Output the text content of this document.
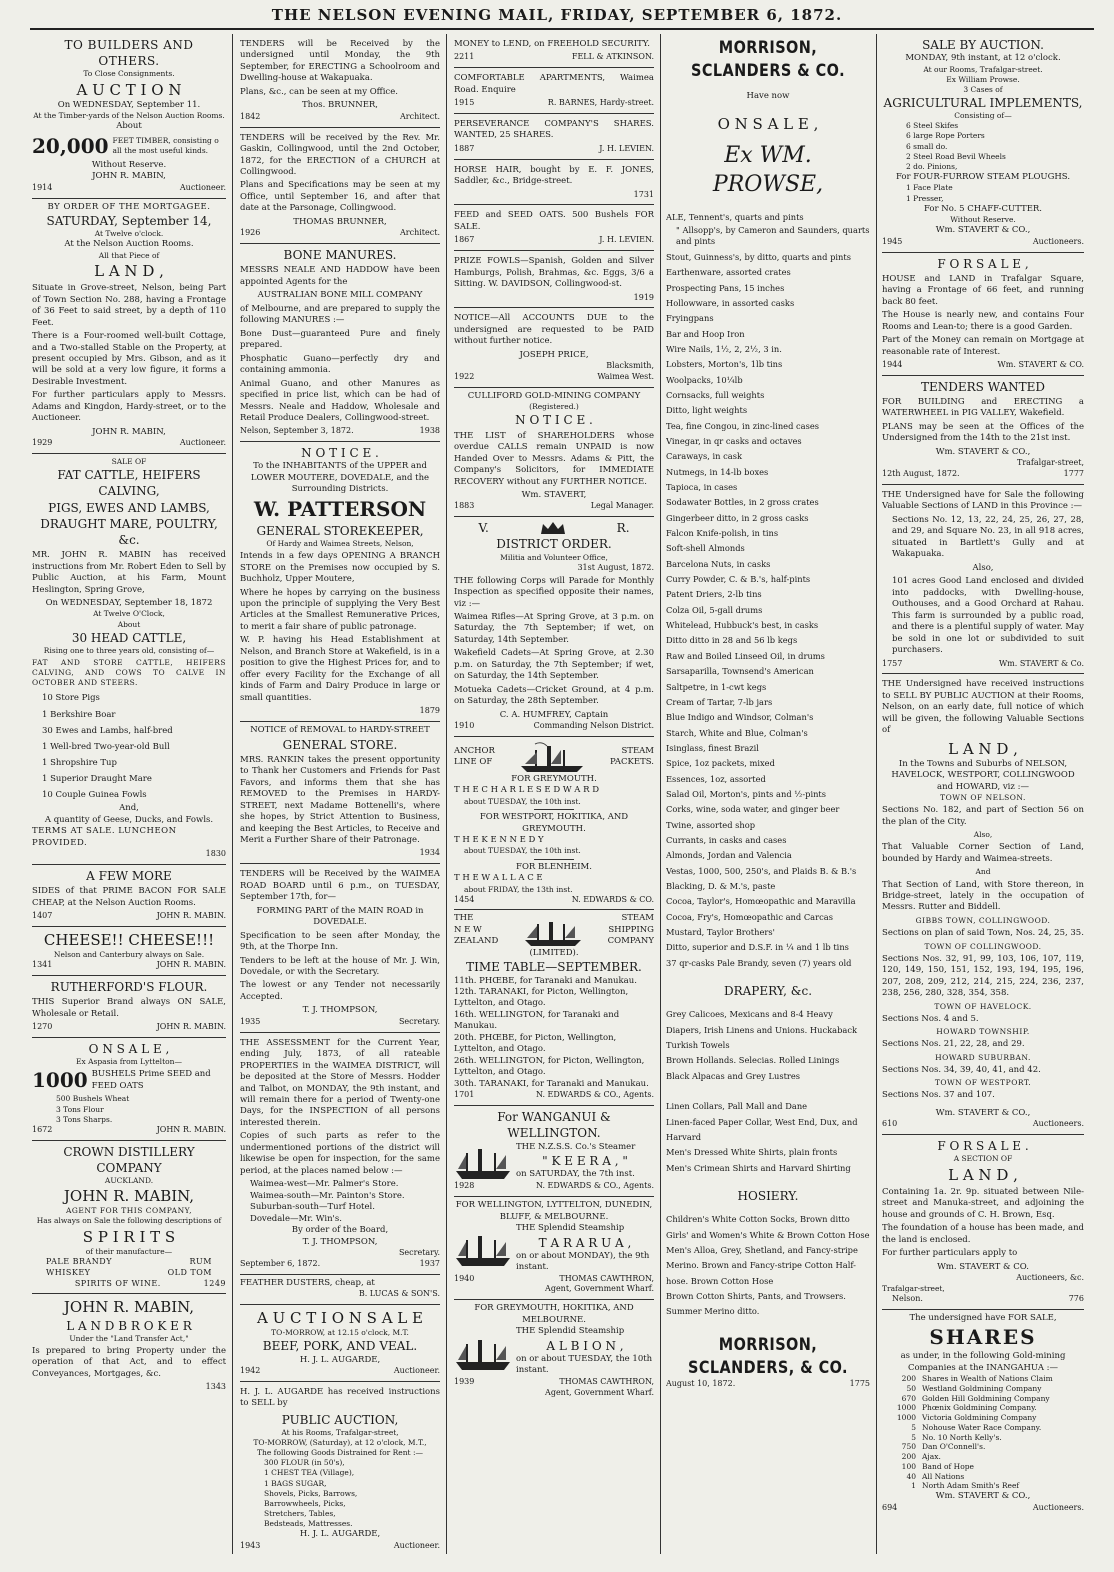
THE NELSON EVENING MAIL, FRIDAY, SEPTEMBER 6, 1872.
TO BUILDERS AND OTHERS.
To Close Consignments.
A U C T I O N
On WEDNESDAY, September 11.
At the Timber-yards of the Nelson Auction Rooms.
About
20,000 FEET TIMBER, consisting o all the most useful kinds.
Without Reserve.
JOHN R. MABIN,
1914	Auctioneer.
BY ORDER OF THE MORTGAGEE.
SATURDAY, September 14,
At Twelve o'clock.
At the Nelson Auction Rooms.
All that Piece of
L A N D ,
Situate in Grove-street, Nelson, being Part of Town Section No. 288, having a Frontage of 36 Feet to said street, by a depth of 110 Feet.
There is a Four-roomed well-built Cottage, and a Two-stalled Stable on the Property, at present occupied by Mrs. Gibson, and as it will be sold at a very low figure, it forms a Desirable Investment.
For further particulars apply to Messrs. Adams and Kingdon, Hardy-street, or to the Auctioneer.
JOHN R. MABIN,
1929	Auctioneer.
SALE OF
FAT CATTLE, HEIFERS CALVING,
PIGS, EWES AND LAMBS,
DRAUGHT MARE, POULTRY, &c.
MR. JOHN R. MABIN has received instructions from Mr. Robert Eden to Sell by Public Auction, at his Farm, Mount Heslington, Spring Grove,
On WEDNESDAY, September 18, 1872
At Twelve O'Clock,
About
30 HEAD CATTLE,
Rising one to three years old, consisting of—
FAT AND STORE CATTLE, HEIFERS CALVING, AND COWS TO CALVE IN OCTOBER AND STEERS.
10 Store Pigs
1 Berkshire Boar
30 Ewes and Lambs, half-bred
1 Well-bred Two-year-old Bull
1 Shropshire Tup
1 Superior Draught Mare
10 Couple Guinea Fowls
And,
A quantity of Geese, Ducks, and Fowls.
TERMS AT SALE. LUNCHEON PROVIDED.
1830
A FEW MORE
SIDES of that PRIME BACON FOR SALE CHEAP, at the Nelson Auction Rooms.
1407	JOHN R. MABIN.
CHEESE!! CHEESE!!!
Nelson and Canterbury always on Sale.
1341	JOHN R. MABIN.
RUTHERFORD'S FLOUR.
THIS Superior Brand always ON SALE, Wholesale or Retail.
1270	JOHN R. MABIN.
O N S A L E ,
Ex Aspasia from Lyttelton—
1000 BUSHELS Prime SEED and FEED OATS
500 Bushels Wheat
3 Tons Flour
3 Tons Sharps.
1672	JOHN R. MABIN.
CROWN DISTILLERY COMPANY
AUCKLAND.
JOHN R. MABIN,
AGENT FOR THIS COMPANY,
Has always on Sale the following descriptions of
S P I R I T S
of their manufacture—
PALE BRANDY	RUM
WHISKEY	OLD TOM
SPIRITS OF WINE.	1249
JOHN R. MABIN,
L A N D B R O K E R
Under the "Land Transfer Act,"
Is prepared to bring Property under the operation of that Act, and to effect Conveyances, Mortgages, &c.
1343
TENDERS will be Received by the undersigned until Monday, the 9th September, for ERECTING a Schoolroom and Dwelling-house at Wakapuaka.
Plans, &c., can be seen at my Office.
Thos. BRUNNER,
1842	Architect.
TENDERS will be received by the Rev. Mr. Gaskin, Collingwood, until the 2nd October, 1872, for the ERECTION of a CHURCH at Collingwood.
Plans and Specifications may be seen at my Office, until September 16, and after that date at the Parsonage, Collingwood.
THOMAS BRUNNER,
1926	Architect.
BONE MANURES.
MESSRS NEALE AND HADDOW have been appointed Agents for the
AUSTRALIAN BONE MILL COMPANY
of Melbourne, and are prepared to supply the following MANURES :—
Bone Dust—guaranteed Pure and finely prepared.
Phosphatic Guano—perfectly dry and containing ammonia.
Animal Guano, and other Manures as specified in price list, which can be had of Messrs. Neale and Haddow, Wholesale and Retail Produce Dealers, Collingwood-street.
Nelson, September 3, 1872.	1938
N O T I C E .
To the INHABITANTS of the UPPER and LOWER MOUTERE, DOVEDALE, and the Surrounding Districts.
W. PATTERSON
GENERAL STOREKEEPER,
Of Hardy and Waimea Streets, Nelson,
Intends in a few days OPENING A BRANCH STORE on the Premises now occupied by S. Buchholz, Upper Moutere,
Where he hopes by carrying on the business upon the principle of supplying the Very Best Articles at the Smallest Remunerative Prices, to merit a fair share of public patronage.
W. P. having his Head Establishment at Nelson, and Branch Store at Wakefield, is in a position to give the Highest Prices for, and to offer every Facility for the Exchange of all kinds of Farm and Dairy Produce in large or small quantities.
1879
NOTICE of REMOVAL to HARDY-STREET
GENERAL STORE.
MRS. RANKIN takes the present opportunity to Thank her Customers and Friends for Past Favors, and informs them that she has REMOVED to the Premises in HARDY-STREET, next Madame Bottenelli's, where she hopes, by Strict Attention to Business, and keeping the Best Articles, to Receive and Merit a Further Share of their Patronage.
1934
TENDERS will be Received by the WAIMEA ROAD BOARD until 6 p.m., on TUESDAY, September 17th, for—
FORMING PART of the MAIN ROAD in DOVEDALE.
Specification to be seen after Monday, the 9th, at the Thorpe Inn.
Tenders to be left at the house of Mr. J. Win, Dovedale, or with the Secretary.
The lowest or any Tender not necessarily Accepted.
T. J. THOMPSON,
1935	Secretary.
THE ASSESSMENT for the Current Year, ending July, 1873, of all rateable PROPERTIES in the WAIMEA DISTRICT, will be deposited at the Store of Messrs. Hodder and Talbot, on MONDAY, the 9th instant, and will remain there for a period of Twenty-one Days, for the INSPECTION of all persons interested therein.
Copies of such parts as refer to the undermentioned portions of the district will likewise be open for inspection, for the same period, at the places named below :—
Waimea-west—Mr. Palmer's Store.
Waimea-south—Mr. Painton's Store.
Suburban-south—Turf Hotel.
Dovedale—Mr. Win's.
By order of the Board,
T. J. THOMPSON,
Secretary.
September 6, 1872.	1937
FEATHER DUSTERS, cheap, at
B. LUCAS & SON'S.
A U C T I O N S A L E
TO-MORROW, at 12.15 o'clock, M.T.
BEEF, PORK, AND VEAL.
H. J. L. AUGARDE,
1942	Auctioneer.
H. J. L. AUGARDE has received instructions to SELL by
PUBLIC AUCTION,
At his Rooms, Trafalgar-street,
TO-MORROW, (Saturday), at 12 o'clock, M.T.,
The following Goods Distrained for Rent :—
300 FLOUR (in 50's),
1 CHEST TEA (Village),
1 BAGS SUGAR,
Shovels, Picks, Barrows,
Barrowwheels, Picks,
Stretchers, Tables,
Bedsteads, Mattresses.
H. J. L. AUGARDE,
1943	Auctioneer.
MONEY to LEND, on FREEHOLD SECURITY.
2211	FELL & ATKINSON.
COMFORTABLE APARTMENTS, Waimea Road. Enquire
1915	R. BARNES, Hardy-street.
PERSEVERANCE COMPANY'S SHARES. WANTED, 25 SHARES.
1887	J. H. LEVIEN.
HORSE HAIR, bought by E. F. JONES, Saddler, &c., Bridge-street.
1731
FEED and SEED OATS. 500 Bushels FOR SALE.
1867	J. H. LEVIEN.
PRIZE FOWLS—Spanish, Golden and Silver Hamburgs, Polish, Brahmas, &c. Eggs, 3/6 a Sitting. W. DAVIDSON, Collingwood-st.
1919
NOTICE—All ACCOUNTS DUE to the undersigned are requested to be PAID without further notice.
JOSEPH PRICE,
Blacksmith,
1922	Waimea West.
CULLIFORD GOLD-MINING COMPANY
(Registered.)
N O T I C E .
THE LIST of SHAREHOLDERS whose overdue CALLS remain UNPAID is now Handed Over to Messrs. Adams & Pitt, the Company's Solicitors, for IMMEDIATE RECOVERY without any FURTHER NOTICE.
Wm. STAVERT,
1883	Legal Manager.
V.	R.
DISTRICT ORDER.
Militia and Volunteer Office,
31st August, 1872.
THE following Corps will Parade for Monthly Inspection as specified opposite their names, viz :—
Waimea Rifles—At Spring Grove, at 3 p.m. on Saturday, the 7th September; if wet, on Saturday, 14th September.
Wakefield Cadets—At Spring Grove, at 2.30 p.m. on Saturday, the 7th September; if wet, on Saturday, the 14th September.
Motueka Cadets—Cricket Ground, at 4 p.m. on Saturday, the 28th September.
C. A. HUMFREY, Captain
1910	Commanding Nelson District.
ANCHOR
LINE OF
STEAM
PACKETS.
FOR GREYMOUTH.
T H E C H A R L E S E D W A R D
about TUESDAY, the 10th inst.
FOR WESTPORT, HOKITIKA, AND GREYMOUTH.
T H E K E N N E D Y
about TUESDAY, the 10th inst.
FOR BLENHEIM.
T H E W A L L A C E
about FRIDAY, the 13th inst.
1454	N. EDWARDS & CO.
THE
N E W
ZEALAND
STEAM
SHIPPING
COMPANY
(LIMITED).
TIME TABLE—SEPTEMBER.
11th. PHŒBE, for Taranaki and Manukau.
12th. TARANAKI, for Picton, Wellington, Lyttelton, and Otago.
16th. WELLINGTON, for Taranaki and Manukau.
20th. PHŒBE, for Picton, Wellington, Lyttelton, and Otago.
26th. WELLINGTON, for Picton, Wellington, Lyttelton, and Otago.
30th. TARANAKI, for Taranaki and Manukau.
1701	N. EDWARDS & CO., Agents.
For WANGANUI & WELLINGTON.
THE N.Z.S.S. Co.'s Steamer
" K E E R A , "
on SATURDAY, the 7th inst.
1928	N. EDWARDS & CO., Agents.
FOR WELLINGTON, LYTTELTON, DUNEDIN, BLUFF, & MELBOURNE.
THE Splendid Steamship
T A R A R U A ,
on or about MONDAY), the 9th instant.
1940	THOMAS CAWTHRON,
Agent, Government Wharf.
FOR GREYMOUTH, HOKITIKA, AND MELBOURNE.
THE Splendid Steamship
A L B I O N ,
on or about TUESDAY, the 10th instant.
1939	THOMAS CAWTHRON,
Agent, Government Wharf.
MORRISON, SCLANDERS & CO.
Have now
O N S A L E ,
Ex WM. PROWSE,
ALE, Tennent's, quarts and pints
" Allsopp's, by Cameron and Saunders, quarts and pints
Stout, Guinness's, by ditto, quarts and pints
Earthenware, assorted crates
Prospecting Pans, 15 inches
Hollowware, in assorted casks
Fryingpans
Bar and Hoop Iron
Wire Nails, 1½, 2, 2½, 3 in.
Lobsters, Morton's, 1lb tins
Woolpacks, 10¼lb
Cornsacks, full weights
Ditto, light weights
Tea, fine Congou, in zinc-lined cases
Vinegar, in qr casks and octaves
Caraways, in cask
Nutmegs, in 14-lb boxes
Tapioca, in cases
Sodawater Bottles, in 2 gross crates
Gingerbeer ditto, in 2 gross casks
Falcon Knife-polish, in tins
Soft-shell Almonds
Barcelona Nuts, in casks
Curry Powder, C. & B.'s, half-pints
Patent Driers, 2-lb tins
Colza Oil, 5-gall drums
Whitelead, Hubbuck's best, in casks
Ditto ditto in 28 and 56 lb kegs
Raw and Boiled Linseed Oil, in drums
Sarsaparilla, Townsend's American
Saltpetre, in 1-cwt kegs
Cream of Tartar, 7-lb jars
Blue Indigo and Windsor, Colman's
Starch, White and Blue, Colman's
Isinglass, finest Brazil
Spice, 1oz packets, mixed
Essences, 1oz, assorted
Salad Oil, Morton's, pints and ½-pints
Corks, wine, soda water, and ginger beer
Twine, assorted shop
Currants, in casks and cases
Almonds, Jordan and Valencia
Vestas, 1000, 500, 250's, and Plaids B. & B.'s
Blacking, D. & M.'s, paste
Cocoa, Taylor's, Homœopathic and Maravilla
Cocoa, Fry's, Homœopathic and Carcas
Mustard, Taylor Brothers'
Ditto, superior and D.S.F. in ¼ and 1 lb tins
37 qr-casks Pale Brandy, seven (7) years old
DRAPERY, &c.
Grey Calicoes, Mexicans and 8-4 Heavy
Diapers, Irish Linens and Unions. Huckaback
Turkish Towels
Brown Hollands. Selecias. Rolled Linings
Black Alpacas and Grey Lustres

Linen Collars, Pall Mall and Dane
Linen-faced Paper Collar, West End, Dux, and Harvard
Men's Dressed White Shirts, plain fronts
Men's Crimean Shirts and Harvard Shirting
HOSIERY.
Children's White Cotton Socks, Brown ditto
Girls' and Women's White & Brown Cotton Hose
Men's Alloa, Grey, Shetland, and Fancy-stripe Merino. Brown and Fancy-stripe Cotton Half-hose. Brown Cotton Hose
Brown Cotton Shirts, Pants, and Trowsers.
Summer Merino ditto.
MORRISON, SCLANDERS, & CO.
August 10, 1872.	1775
SALE BY AUCTION.
MONDAY, 9th instant, at 12 o'clock.
At our Rooms, Trafalgar-street.
Ex William Prowse.
3 Cases of
AGRICULTURAL IMPLEMENTS,
Consisting of—
6 Steel Skifes
6 large Rope Porters
6 small do.
2 Steel Road Bevil Wheels
2 do. Pinions,
For FOUR-FURROW STEAM PLOUGHS.
1 Face Plate
1 Presser,
For No. 5 CHAFF-CUTTER.
Without Reserve.
Wm. STAVERT & CO.,
1945	Auctioneers.
F O R S A L E ,
HOUSE and LAND in Trafalgar Square, having a Frontage of 66 feet, and running back 80 feet.
The House is nearly new, and contains Four Rooms and Lean-to; there is a good Garden.
Part of the Money can remain on Mortgage at reasonable rate of Interest.
1944	Wm. STAVERT & CO.
TENDERS WANTED
FOR BUILDING and ERECTING a WATERWHEEL in PIG VALLEY, Wakefield.
PLANS may be seen at the Offices of the Undersigned from the 14th to the 21st inst.
Wm. STAVERT & CO.,
Trafalgar-street,
12th August, 1872.	1777
THE Undersigned have for Sale the following Valuable Sections of LAND in this Province :—
Sections No. 12, 13, 22, 24, 25, 26, 27, 28, and 29, and Square No. 23, in all 918 acres, situated in Bartlett's Gully and at Wakapuaka.
Also,
101 acres Good Land enclosed and divided into paddocks, with Dwelling-house, Outhouses, and a Good Orchard at Rahau. This farm is surrounded by a public road, and there is a plentiful supply of water. May be sold in one lot or subdivided to suit purchasers.
1757	Wm. STAVERT & Co.
THE Undersigned have received instructions to SELL BY PUBLIC AUCTION at their Rooms, Nelson, on an early date, full notice of which will be given, the following Valuable Sections of
L A N D ,
In the Towns and Suburbs of NELSON, HAVELOCK, WESTPORT, COLLINGWOOD and HOWARD, viz :—
TOWN OF NELSON.
Sections No. 182, and part of Section 56 on the plan of the City.
Also,
That Valuable Corner Section of Land, bounded by Hardy and Waimea-streets.
And
That Section of Land, with Store thereon, in Bridge-street, lately in the occupation of Messrs. Rutter and Biddell.
GIBBS TOWN, COLLINGWOOD.
Sections on plan of said Town, Nos. 24, 25, 35.
TOWN OF COLLINGWOOD.
Sections Nos. 32, 91, 99, 103, 106, 107, 119, 120, 149, 150, 151, 152, 193, 194, 195, 196, 207, 208, 209, 212, 214, 215, 224, 236, 237, 238, 256, 280, 328, 354, 358.
TOWN OF HAVELOCK.
Sections Nos. 4 and 5.
HOWARD TOWNSHIP.
Sections Nos. 21, 22, 28, and 29.
HOWARD SUBURBAN.
Sections Nos. 34, 39, 40, 41, and 42.
TOWN OF WESTPORT.
Sections Nos. 37 and 107.
Wm. STAVERT & CO.,
610	Auctioneers.
F O R S A L E .
A SECTION OF
L A N D ,
Containing 1a. 2r. 9p. situated between Nile-street and Manuka-street, and adjoining the house and grounds of C. H. Brown, Esq.
The foundation of a house has been made, and the land is enclosed.
For further particulars apply to
Wm. STAVERT & CO.
Auctioneers, &c.
Trafalgar-street,
Nelson.	776
The undersigned have FOR SALE,
SHARES
as under, in the following Gold-mining Companies at the INANGAHUA :—
200 Shares in Wealth of Nations Claim
50 Westland Goldmining Company
670 Golden Hill Goldmining Company
1000 Phœnix Goldmining Company.
1000 Victoria Goldmining Company
5 Nohouse Water Race Company.
5 No. 10 North Kelly's.
750 Dan O'Connell's.
200 Ajax.
100 Band of Hope
40 All Nations
1 North Adam Smith's Reef
Wm. STAVERT & CO.,
694	Auctioneers.
